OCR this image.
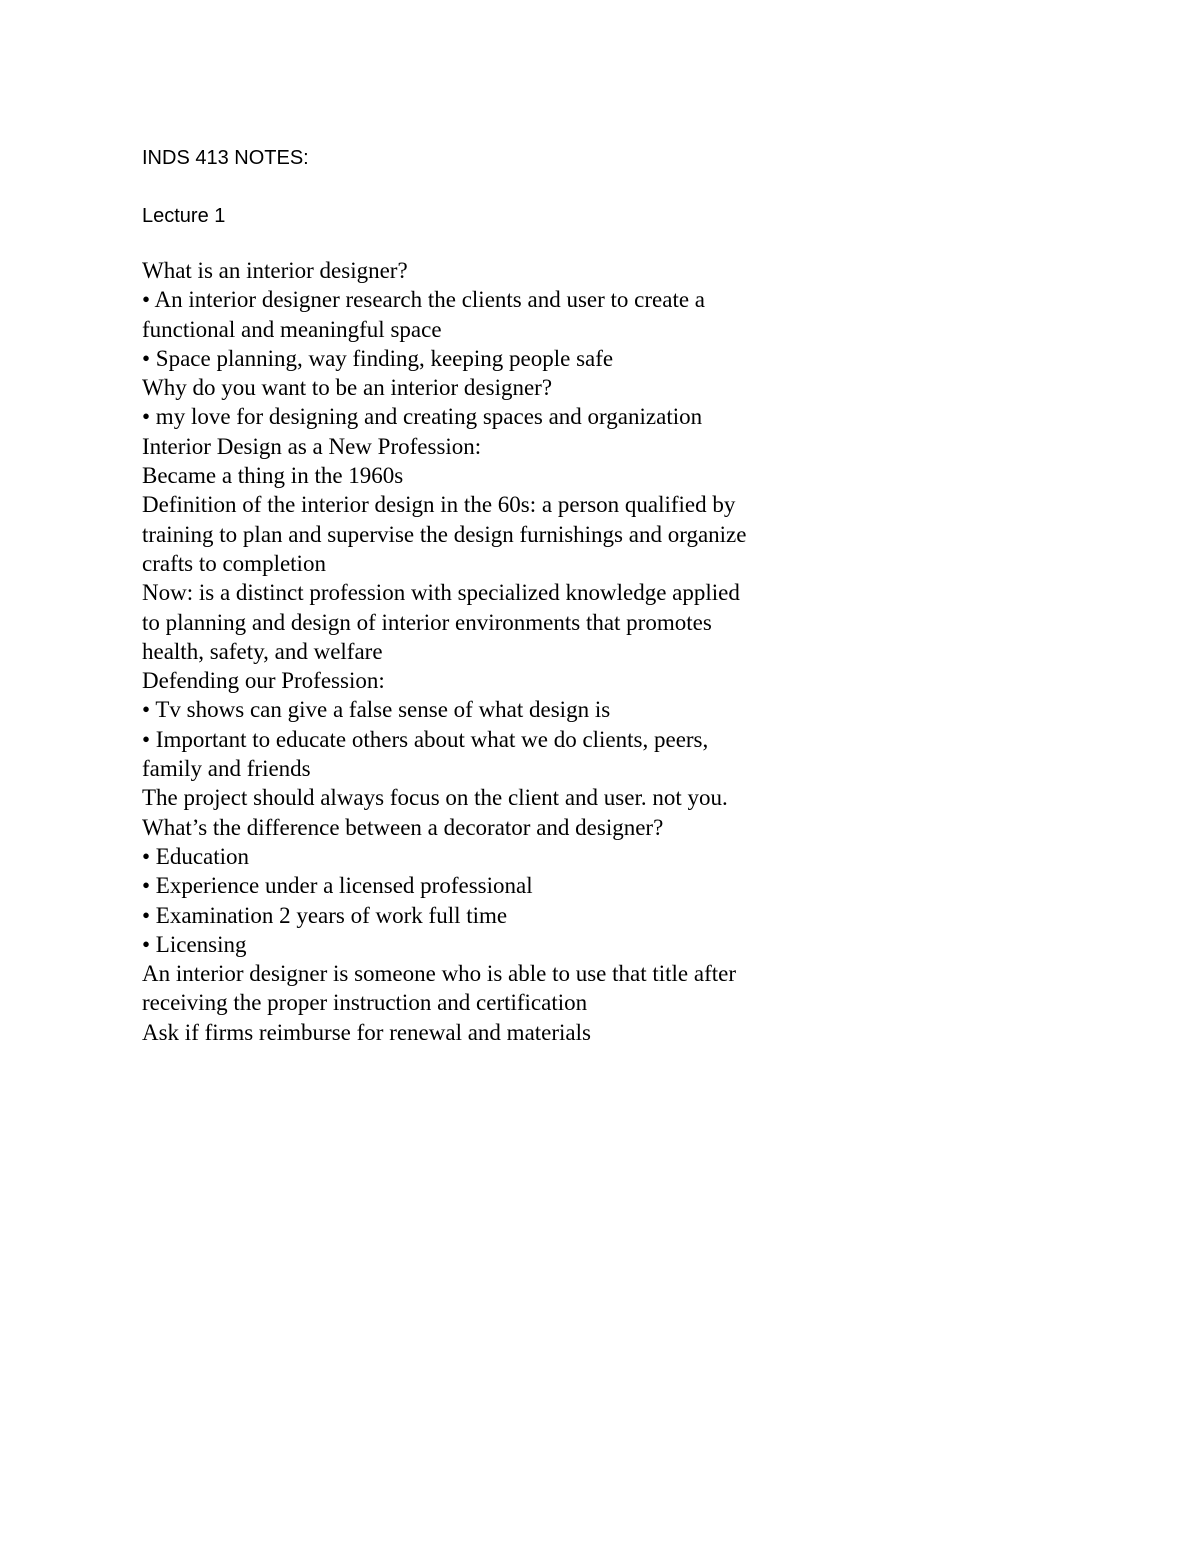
INDS 413 NOTES:
Lecture 1
What is an interior designer?
• An interior designer research the clients and user to create a
functional and meaningful space
• Space planning, way finding, keeping people safe
Why do you want to be an interior designer?
• my love for designing and creating spaces and organization
Interior Design as a New Profession:
Became a thing in the 1960s
Definition of the interior design in the 60s: a person qualified by
training to plan and supervise the design furnishings and organize
crafts to completion
Now: is a distinct profession with specialized knowledge applied
to planning and design of interior environments that promotes
health, safety, and welfare
Defending our Profession:
• Tv shows can give a false sense of what design is
• Important to educate others about what we do clients, peers,
family and friends
The project should always focus on the client and user. not you.
What’s the difference between a decorator and designer?
• Education
• Experience under a licensed professional
• Examination 2 years of work full time
• Licensing
An interior designer is someone who is able to use that title after
receiving the proper instruction and certification
Ask if firms reimburse for renewal and materials
